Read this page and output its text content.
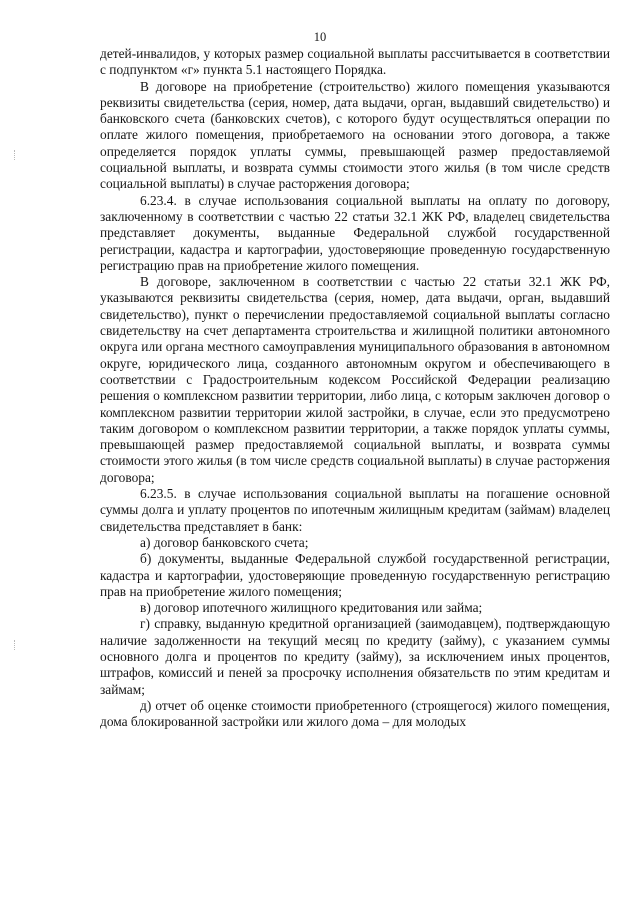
10

детей-инвалидов, у которых размер социальной выплаты рассчитывается в соответствии с подпунктом «г» пункта 5.1 настоящего Порядка.

В договоре на приобретение (строительство) жилого помещения указываются реквизиты свидетельства (серия, номер, дата выдачи, орган, выдавший свидетельство) и банковского счета (банковских счетов), с которого будут осуществляться операции по оплате жилого помещения, приобретаемого на основании этого договора, а также определяется порядок уплаты суммы, превышающей размер предоставляемой социальной выплаты, и возврата суммы стоимости этого жилья (в том числе средств социальной выплаты) в случае расторжения договора;

6.23.4. в случае использования социальной выплаты на оплату по договору, заключенному в соответствии с частью 22 статьи 32.1 ЖК РФ, владелец свидетельства представляет документы, выданные Федеральной службой государственной регистрации, кадастра и картографии, удостоверяющие проведенную государственную регистрацию прав на приобретение жилого помещения.

В договоре, заключенном в соответствии с частью 22 статьи 32.1 ЖК РФ, указываются реквизиты свидетельства (серия, номер, дата выдачи, орган, выдавший свидетельство), пункт о перечислении предоставляемой социальной выплаты согласно свидетельству на счет департамента строительства и жилищной политики автономного округа или органа местного самоуправления муниципального образования в автономном округе, юридического лица, созданного автономным округом и обеспечивающего в соответствии с Градостроительным кодексом Российской Федерации реализацию решения о комплексном развитии территории, либо лица, с которым заключен договор о комплексном развитии территории жилой застройки, в случае, если это предусмотрено таким договором о комплексном развитии территории, а также порядок уплаты суммы, превышающей размер предоставляемой социальной выплаты, и возврата суммы стоимости этого жилья (в том числе средств социальной выплаты) в случае расторжения договора;

6.23.5. в случае использования социальной выплаты на погашение основной суммы долга и уплату процентов по ипотечным жилищным кредитам (займам) владелец свидетельства представляет в банк:

а) договор банковского счета;

б) документы, выданные Федеральной службой государственной регистрации, кадастра и картографии, удостоверяющие проведенную государственную регистрацию прав на приобретение жилого помещения;

в) договор ипотечного жилищного кредитования или займа;

г) справку, выданную кредитной организацией (заимодавцем), подтверждающую наличие задолженности на текущий месяц по кредиту (займу), с указанием суммы основного долга и процентов по кредиту (займу), за исключением иных процентов, штрафов, комиссий и пеней за просрочку исполнения обязательств по этим кредитам и займам;

д) отчет об оценке стоимости приобретенного (строящегося) жилого помещения, дома блокированной застройки или жилого дома – для молодых
